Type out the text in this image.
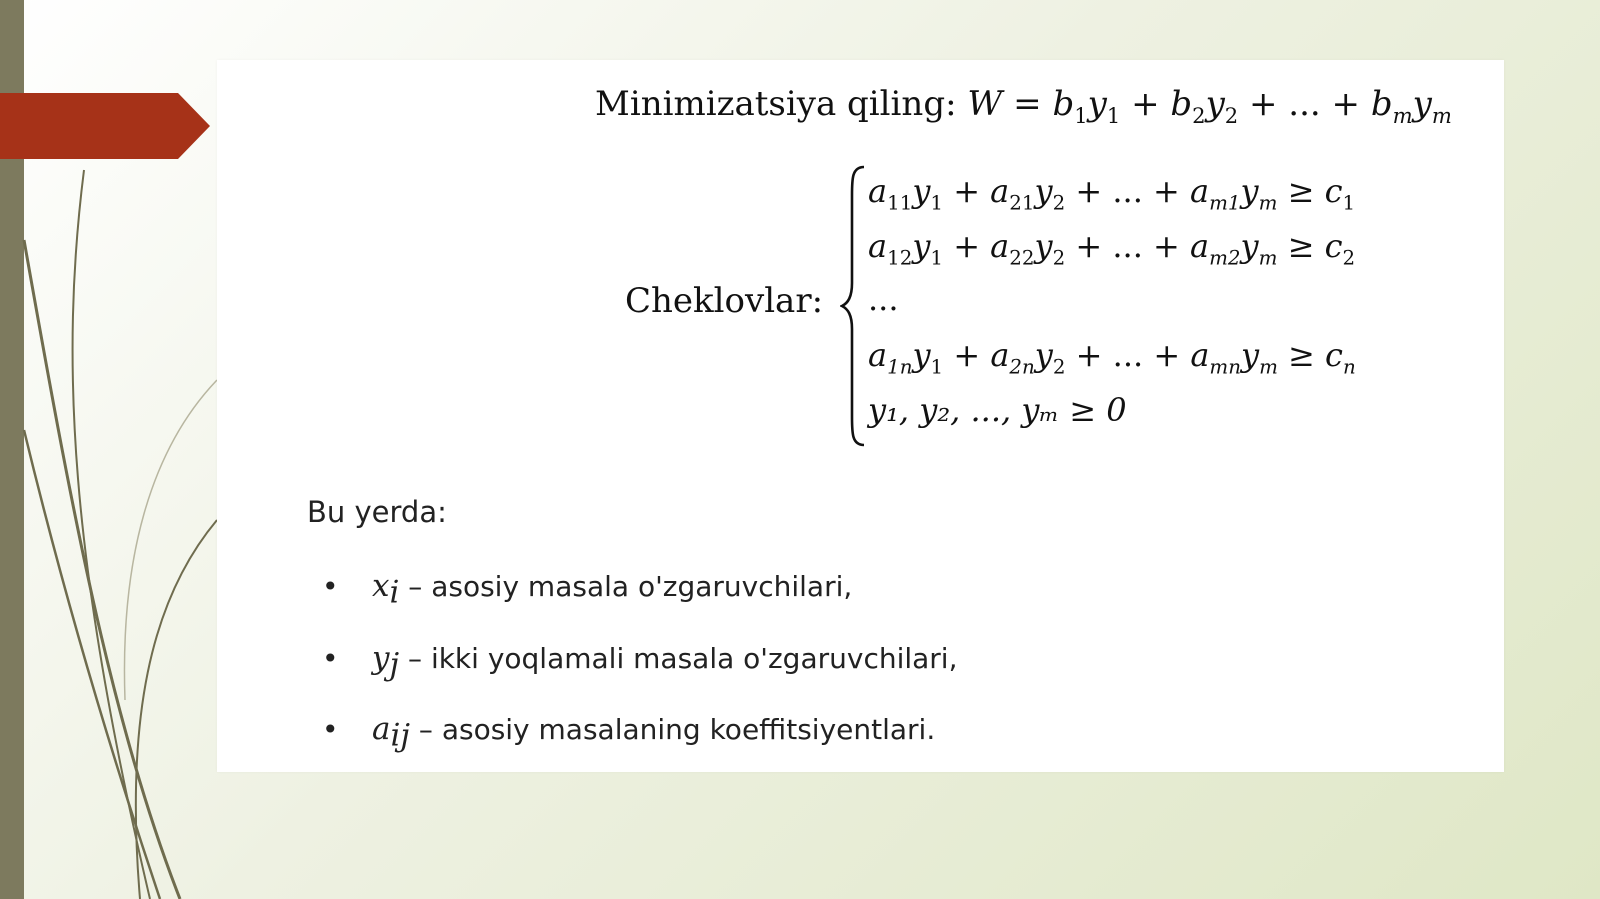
Minimizatsiya qiling: $W = b_1y_1 + b_2y_2$ + ... + $b_my_m$
Cheklovlar:
$a_{11}y_1 + a_{21}y_2$ + ... + $a_{m1}y_m \ge c_1$
$a_{12}y_1 + a_{22}y_2$ + ... + $a_{m2}y_m \ge c_2$
...
$a_{1n}y_1 + a_{2n}y_2$ + ... + $a_{mn}y_m \ge c_n$
y₁, y₂, ..., yₘ ≥ 0
Bu yerda:
• $x_i$ – asosiy masala o'zgaruvchilari,
• $y_j$ – ikki yoqlamali masala o'zgaruvchilari,
• $a_{ij}$ – asosiy masalaning koeffitsiyentlari.
